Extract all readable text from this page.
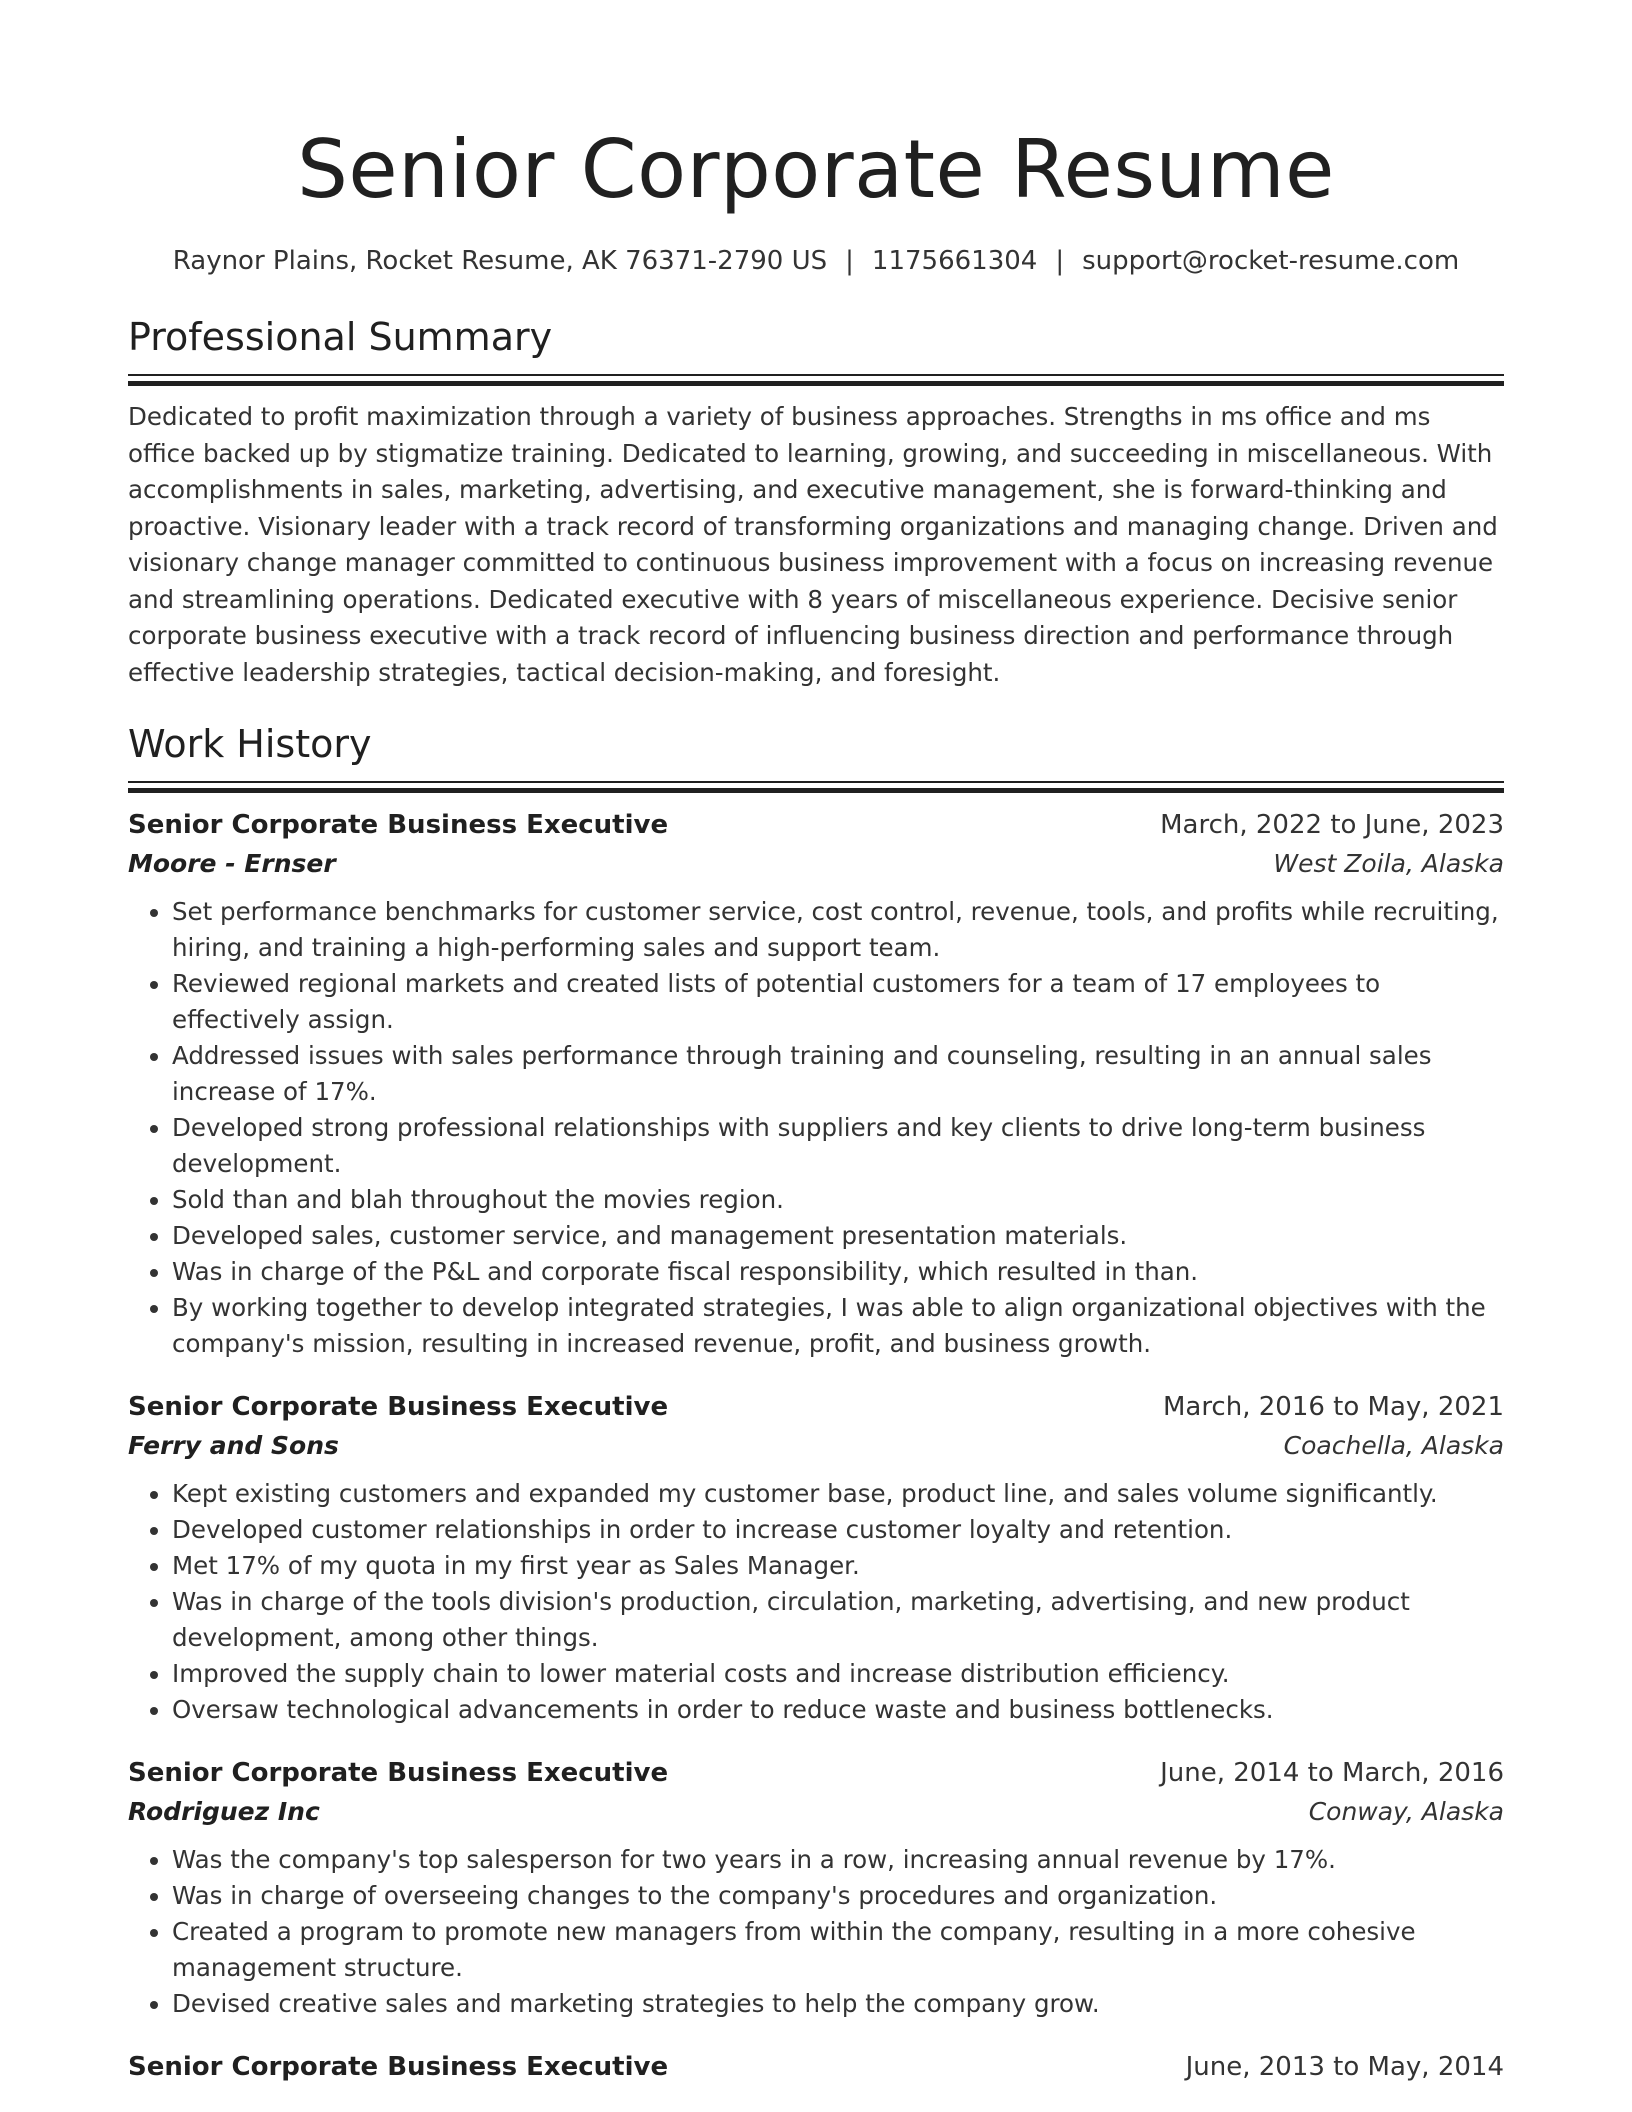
Senior Corporate Resume
Raynor Plains, Rocket Resume, AK 76371-2790 US | 1175661304 | support@rocket-resume.com
Professional Summary

Dedicated to profit maximization through a variety of business approaches. Strengths in ms office and ms office backed up by stigmatize training. Dedicated to learning, growing, and succeeding in miscellaneous. With accomplishments in sales, marketing, advertising, and executive management, she is forward-thinking and proactive. Visionary leader with a track record of transforming organizations and managing change. Driven and visionary change manager committed to continuous business improvement with a focus on increasing revenue and streamlining operations. Dedicated executive with 8 years of miscellaneous experience. Decisive senior corporate business executive with a track record of influencing business direction and performance through effective leadership strategies, tactical decision-making, and foresight.

Work History
Senior Corporate Business Executive	March, 2022 to June, 2023
Moore - Ernser	West Zoila, Alaska
• Set performance benchmarks for customer service, cost control, revenue, tools, and profits while recruiting, hiring, and training a high-performing sales and support team.
• Reviewed regional markets and created lists of potential customers for a team of 17 employees to effectively assign.
• Addressed issues with sales performance through training and counseling, resulting in an annual sales increase of 17%.
• Developed strong professional relationships with suppliers and key clients to drive long-term business development.
• Sold than and blah throughout the movies region.
• Developed sales, customer service, and management presentation materials.
• Was in charge of the P&L and corporate fiscal responsibility, which resulted in than.
• By working together to develop integrated strategies, I was able to align organizational objectives with the company's mission, resulting in increased revenue, profit, and business growth.
Senior Corporate Business Executive	March, 2016 to May, 2021
Ferry and Sons	Coachella, Alaska
• Kept existing customers and expanded my customer base, product line, and sales volume significantly.
• Developed customer relationships in order to increase customer loyalty and retention.
• Met 17% of my quota in my first year as Sales Manager.
• Was in charge of the tools division's production, circulation, marketing, advertising, and new product development, among other things.
• Improved the supply chain to lower material costs and increase distribution efficiency.
• Oversaw technological advancements in order to reduce waste and business bottlenecks.
Senior Corporate Business Executive	June, 2014 to March, 2016
Rodriguez Inc	Conway, Alaska
• Was the company's top salesperson for two years in a row, increasing annual revenue by 17%.
• Was in charge of overseeing changes to the company's procedures and organization.
• Created a program to promote new managers from within the company, resulting in a more cohesive management structure.
• Devised creative sales and marketing strategies to help the company grow.
Senior Corporate Business Executive	June, 2013 to May, 2014
